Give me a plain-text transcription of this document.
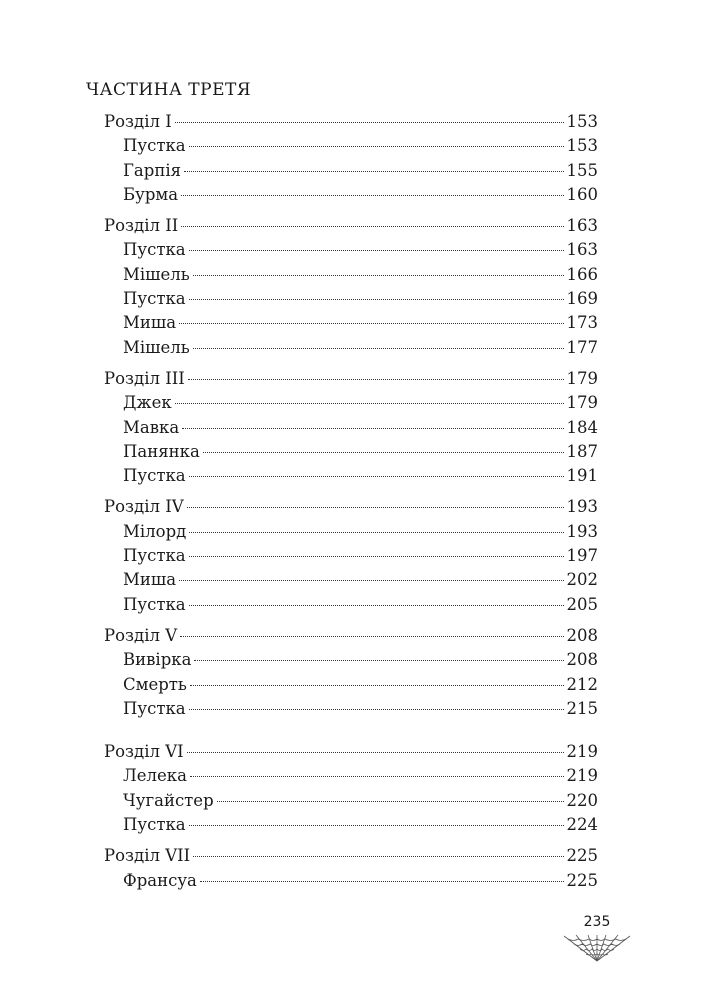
ЧАСТИНА ТРЕТЯ
Розділ І	153
Пустка	153
Гарпія	155
Бурма	160
Розділ ІІ	163
Пустка	163
Мішель	166
Пустка	169
Миша	173
Мішель	177
Розділ ІІІ	179
Джек	179
Мавка	184
Панянка	187
Пустка	191
Розділ IV	193
Мілорд	193
Пустка	197
Миша	202
Пустка	205
Розділ V	208
Вивірка	208
Смерть	212
Пустка	215
Розділ VI	219
Лелека	219
Чугайстер	220
Пустка	224
Розділ VII	225
Франсуа	225
235
